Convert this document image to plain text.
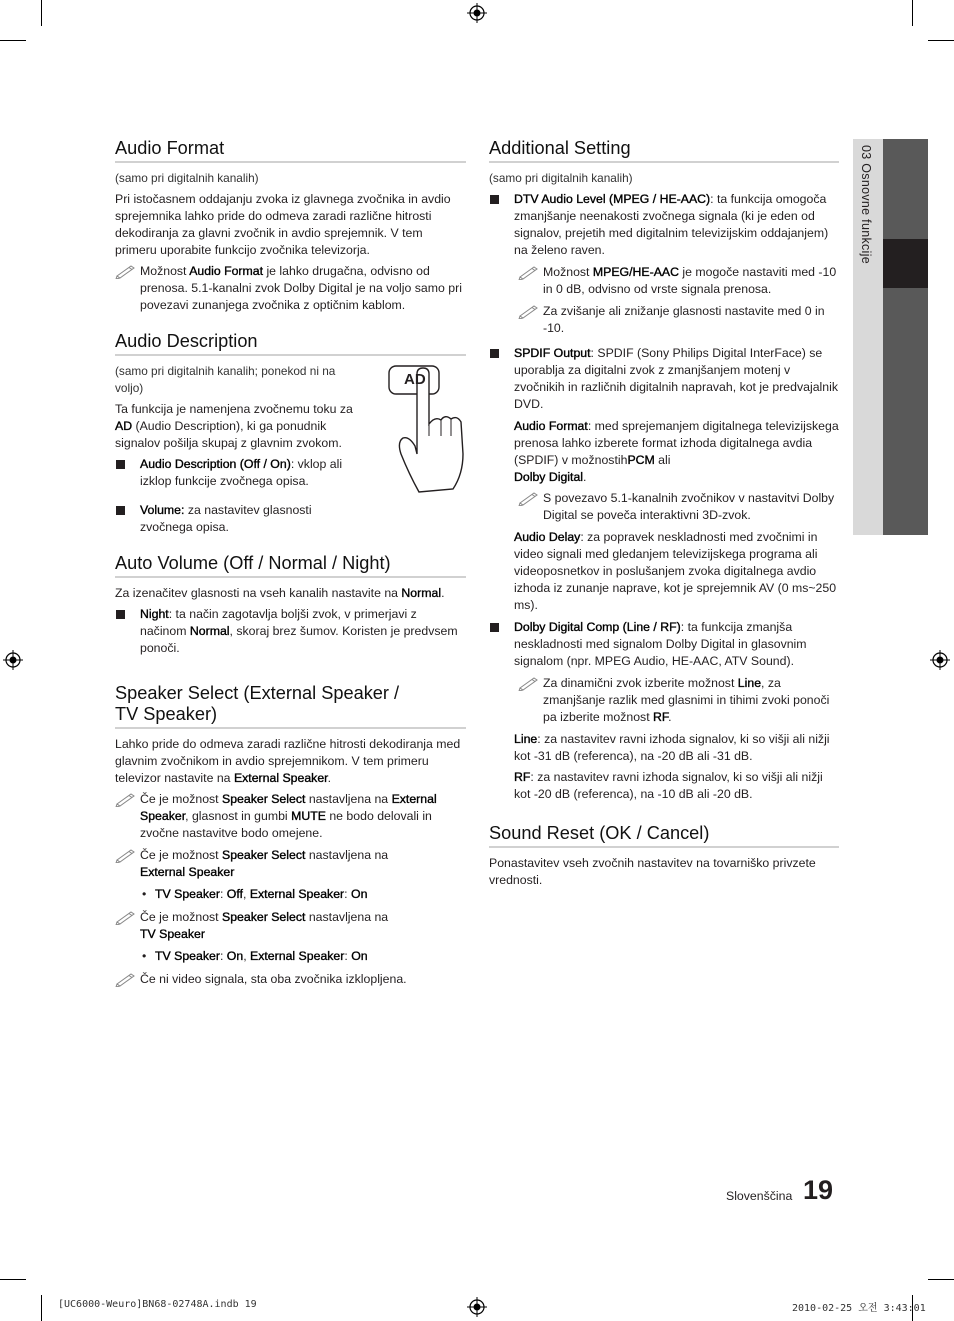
03 Osnovne funkcije
Audio Format

(samo pri digitalnih kanalih)

Pri istočasnem oddajanju zvoka iz glavnega zvočnika in avdio sprejemnika lahko pride do odmeva zaradi različne hitrosti dekodiranja za glavni zvočnik in avdio sprejemnik. V tem primeru uporabite funkcijo zvočnika televizorja.

Možnost Audio Format je lahko drugačna, odvisno od prenosa. 5.1-kanalni zvok Dolby Digital je na voljo samo pri povezavi zunanjega zvočnika z optičnim kablom.
Audio Description

(samo pri digitalnih kanalih; ponekod ni na voljo)

Ta funkcija je namenjena zvočnemu toku za AD (Audio Description), ki ga ponudnik signalov pošilja skupaj z glavnim zvokom.

Audio Description (Off / On): vklop ali izklop funkcije zvočnega opisa.
Volume: za nastavitev glasnosti zvočnega opisa.
AD
Auto Volume (Off / Normal / Night)

Za izenačitev glasnosti na vseh kanalih nastavite na Normal.

Night: ta način zagotavlja boljši zvok, v primerjavi z načinom Normal, skoraj brez šumov. Koristen je predvsem ponoči.
Speaker Select (External Speaker / TV Speaker)

Lahko pride do odmeva zaradi različne hitrosti dekodiranja med glavnim zvočnikom in avdio sprejemnikom. V tem primeru televizor nastavite na External Speaker.

Če je možnost Speaker Select nastavljena na External Speaker, glasnost in gumbi MUTE ne bodo delovali in zvočne nastavitve bodo omejene.
Če je možnost Speaker Select nastavljena na
External Speaker
• TV Speaker: Off, External Speaker: On
Če je možnost Speaker Select nastavljena na
TV Speaker
• TV Speaker: On, External Speaker: On
Če ni video signala, sta oba zvočnika izklopljena.
Additional Setting

(samo pri digitalnih kanalih)

DTV Audio Level (MPEG / HE-AAC): ta funkcija omogoča zmanjšanje neenakosti zvočnega signala (ki je eden od signalov, prejetih med digitalnim televizijskim oddajanjem) na želeno raven.
Možnost MPEG/HE-AAC je mogoče nastaviti med -10 in 0 dB, odvisno od vrste signala prenosa.
Za zvišanje ali znižanje glasnosti nastavite med 0 in -10.
SPDIF Output: SPDIF (Sony Philips Digital InterFace) se uporablja za digitalni zvok z zmanjšanjem motenj v zvočnikih in različnih digitalnih napravah, kot je predvajalnik DVD.

Audio Format: med sprejemanjem digitalnega televizijskega prenosa lahko izberete format izhoda digitalnega avdia (SPDIF) v možnostihPCM ali
Dolby Digital.

S povezavo 5.1-kanalnih zvočnikov v nastavitvi Dolby Digital se poveča interaktivni 3D-zvok.

Audio Delay: za popravek neskladnosti med zvočnimi in video signali med gledanjem televizijskega programa ali videoposnetkov in poslušanjem zvoka digitalnega avdio izhoda iz zunanje naprave, kot je sprejemnik AV (0 ms~250 ms).

Dolby Digital Comp (Line / RF): ta funkcija zmanjša neskladnosti med signalom Dolby Digital in glasovnim signalom (npr. MPEG Audio, HE-AAC, ATV Sound).
Za dinamični zvok izberite možnost Line, za zmanjšanje razlik med glasnimi in tihimi zvoki ponoči pa izberite možnost RF.

Line: za nastavitev ravni izhoda signalov, ki so višji ali nižji kot -31 dB (referenca), na -20 dB ali -31 dB.

RF: za nastavitev ravni izhoda signalov, ki so višji ali nižji kot -20 dB (referenca), na -10 dB ali -20 dB.

Sound Reset (OK / Cancel)

Ponastavitev vseh zvočnih nastavitev na tovarniško privzete vrednosti.

Slovenščina 19
[UC6000-Weuro]BN68-02748A.indb 19	2010-02-25 오전 3:43:01
